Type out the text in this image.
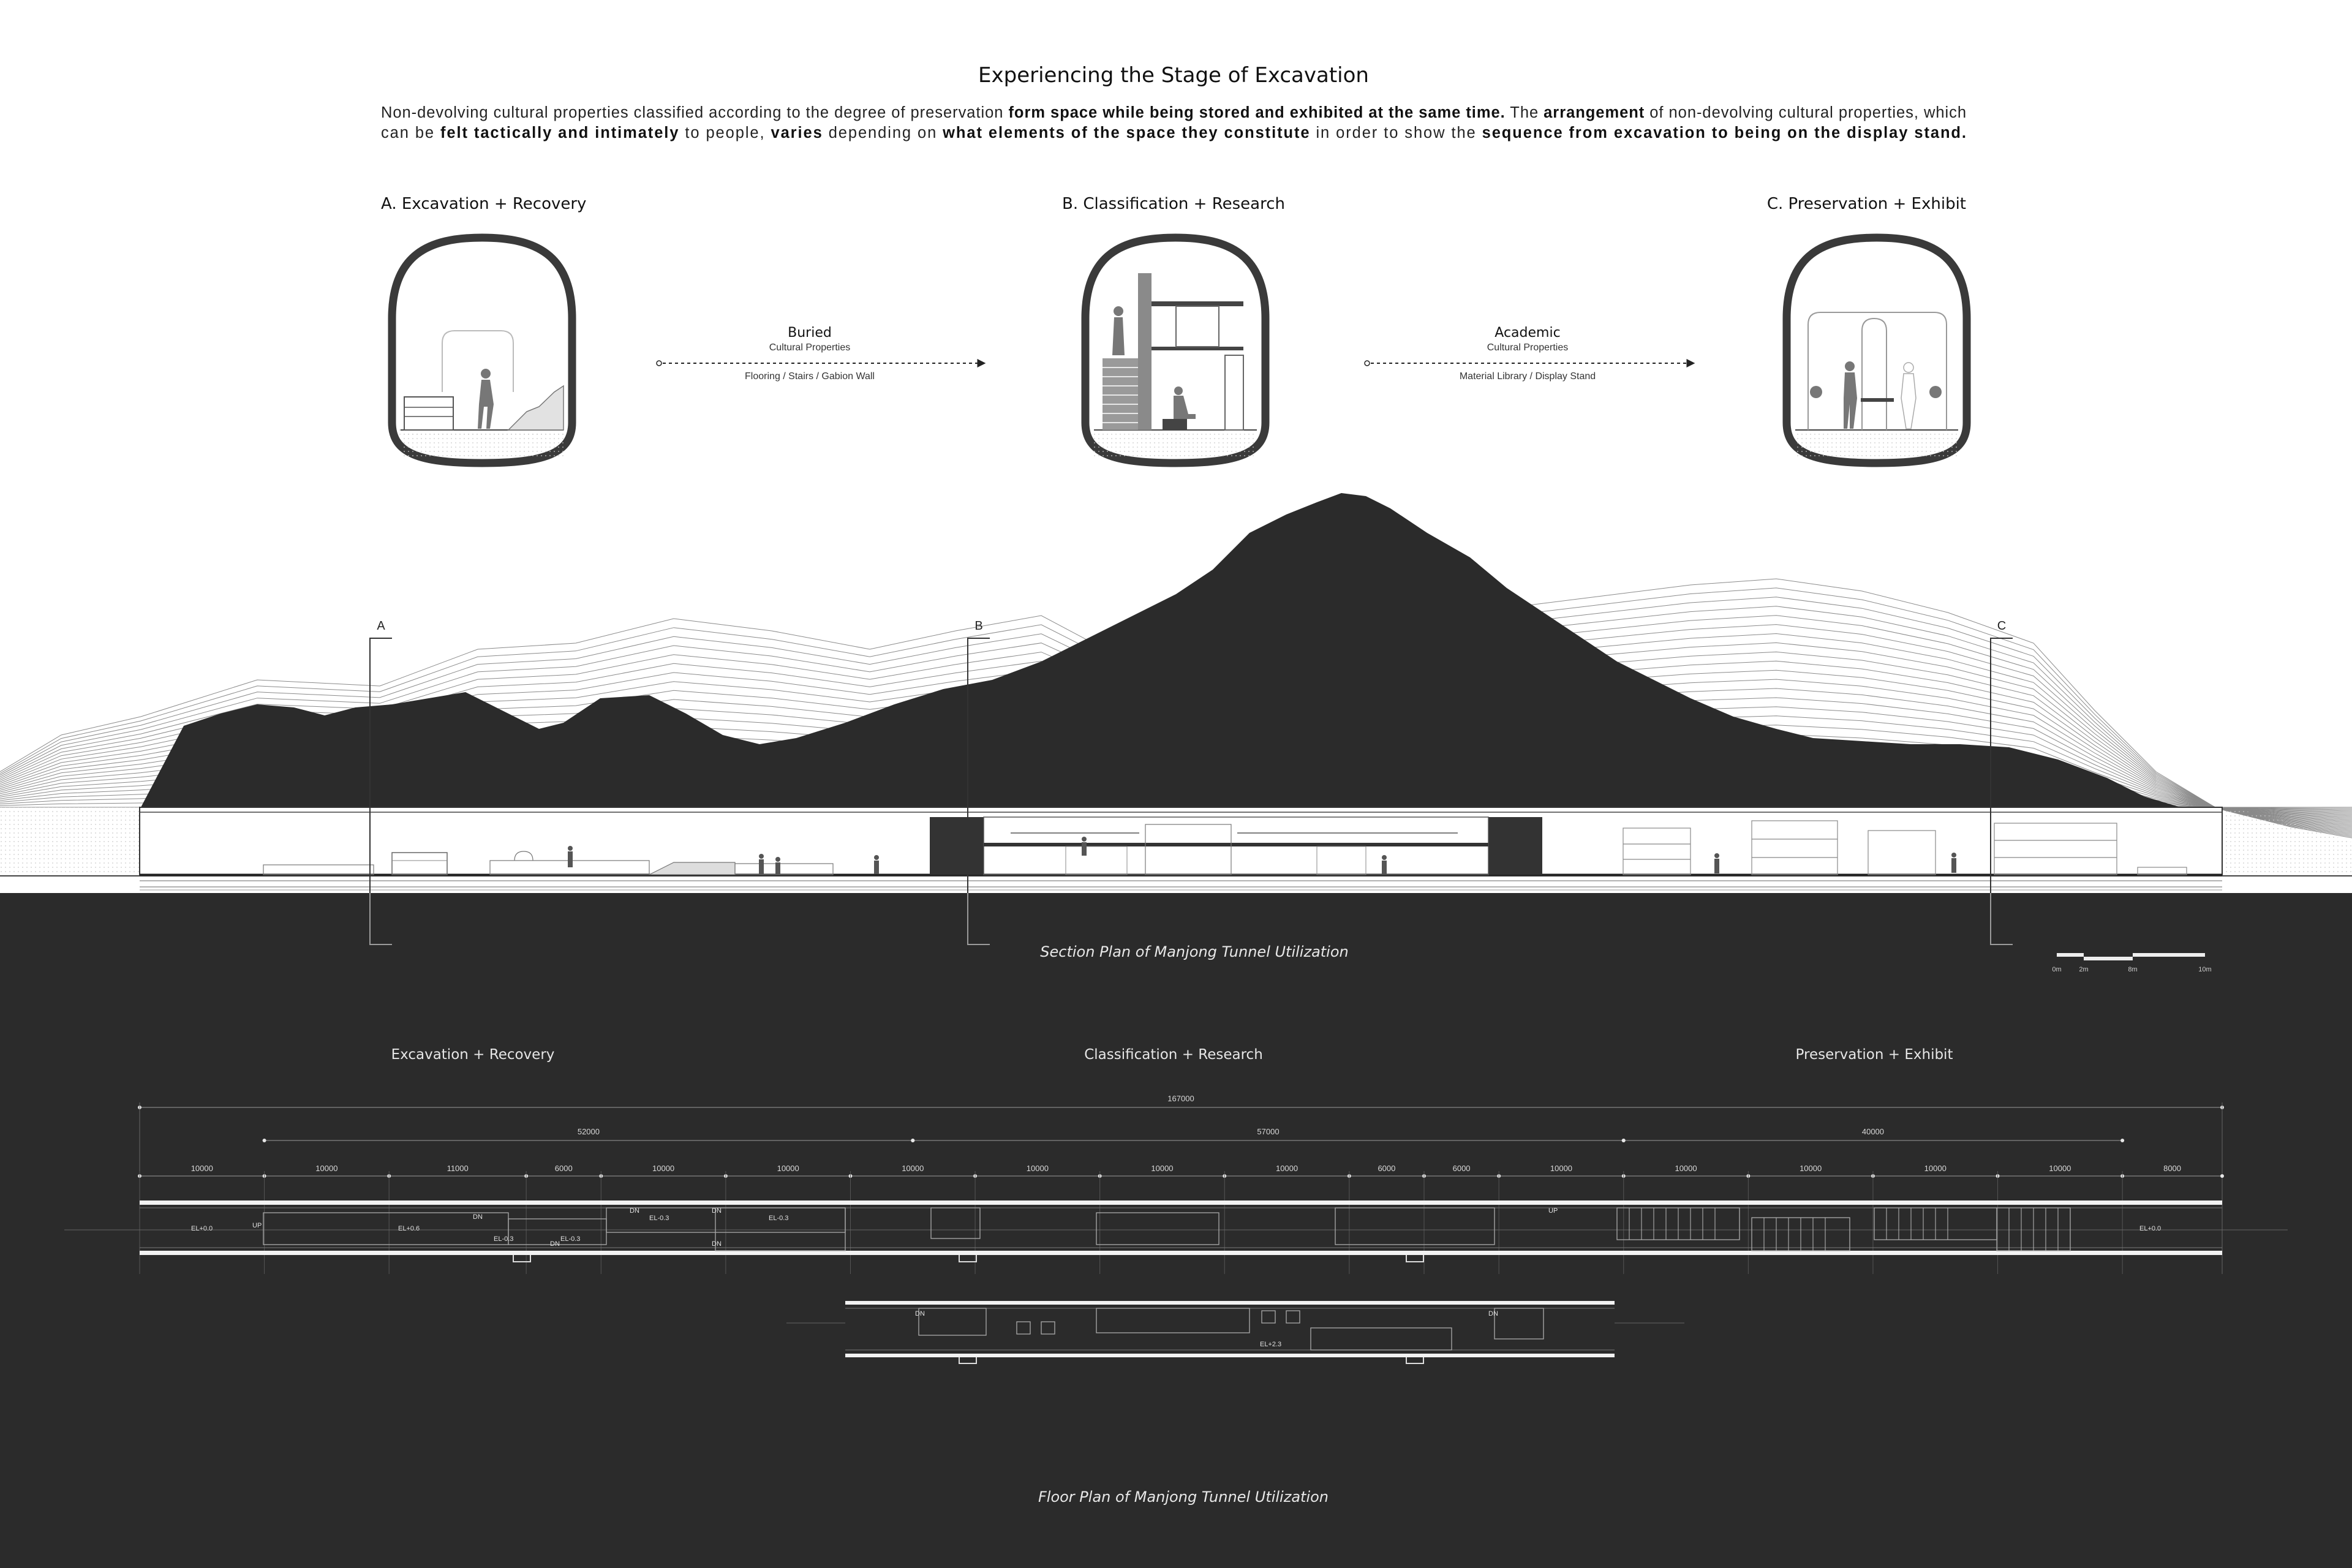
Experiencing the Stage of Excavation
Non-devolving cultural properties classified according to the degree of preservation form space while being stored and exhibited at the same time. The arrangement of non-devolving cultural properties, which
can be felt tactically and intimately to people, varies depending on what elements of the space they constitute in order to show the sequence from excavation to being on the display stand.
A. Excavation + Recovery	B. Classification + Research	C. Preservation + Exhibit
Buried
Cultural Properties
Flooring / Stairs / Gabion Wall
Academic
Cultural Properties
Material Library / Display Stand
A	B	C
Section Plan of Manjong Tunnel Utilization
0m	2m	8m	10m
Excavation + Recovery	Classification + Research	Preservation + Exhibit
167000
52000	57000	40000
10000	10000	11000	6000	10000	10000	10000	10000	10000	10000	6000	6000	10000	10000	10000	10000	10000	8000
EL+0.0	EL+0.6
EL-0.3	EL-0.3
EL-0.3	EL-0.3
EL+0.0
EL+2.3
UP
DN
DN
DN	DN
DN
UP
DN	DN
Floor Plan of Manjong Tunnel Utilization
